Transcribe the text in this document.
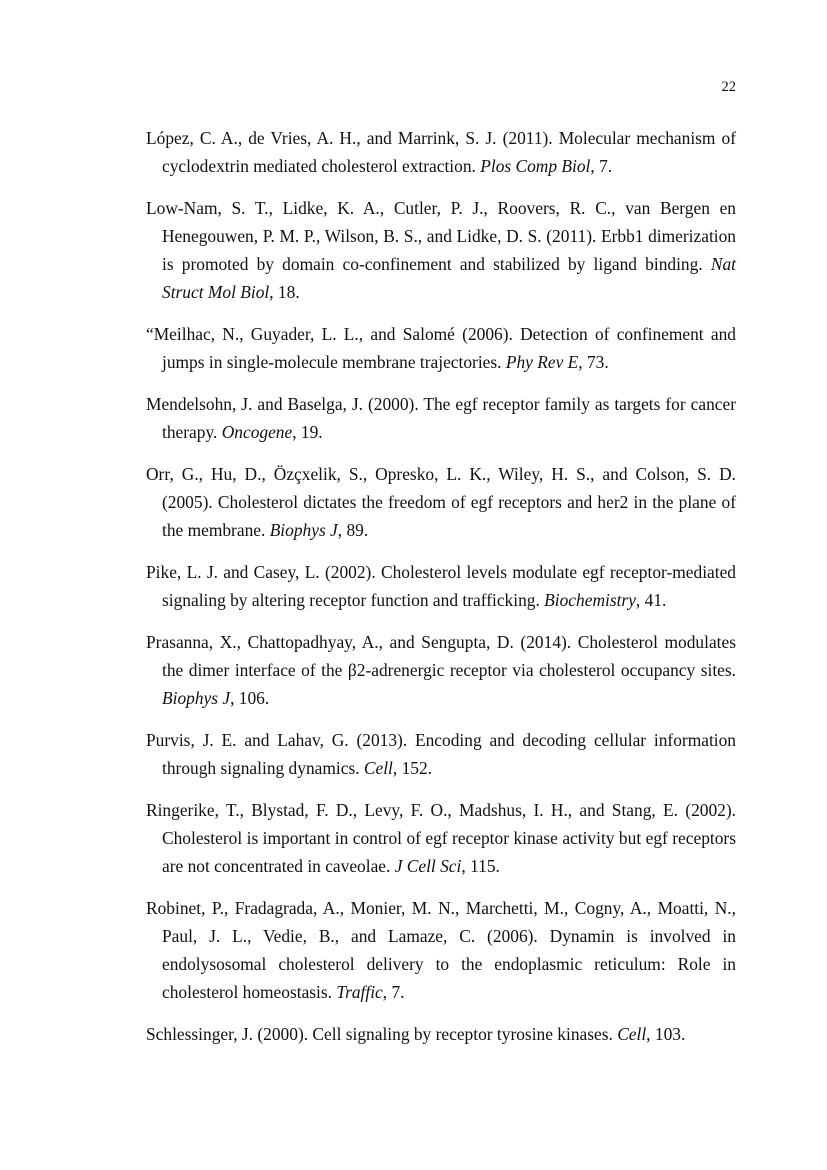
22
López, C. A., de Vries, A. H., and Marrink, S. J. (2011). Molecular mechanism of cyclodextrin mediated cholesterol extraction. Plos Comp Biol, 7.
Low-Nam, S. T., Lidke, K. A., Cutler, P. J., Roovers, R. C., van Bergen en Henegouwen, P. M. P., Wilson, B. S., and Lidke, D. S. (2011). Erbb1 dimerization is promoted by domain co-confinement and stabilized by ligand binding. Nat Struct Mol Biol, 18.
“Meilhac, N., Guyader, L. L., and Salomé (2006). Detection of confinement and jumps in single-molecule membrane trajectories. Phy Rev E, 73.
Mendelsohn, J. and Baselga, J. (2000). The egf receptor family as targets for cancer therapy. Oncogene, 19.
Orr, G., Hu, D., Özçxelik, S., Opresko, L. K., Wiley, H. S., and Colson, S. D. (2005). Cholesterol dictates the freedom of egf receptors and her2 in the plane of the membrane. Biophys J, 89.
Pike, L. J. and Casey, L. (2002). Cholesterol levels modulate egf receptor-mediated signaling by altering receptor function and trafficking. Biochemistry, 41.
Prasanna, X., Chattopadhyay, A., and Sengupta, D. (2014). Cholesterol modulates the dimer interface of the β2-adrenergic receptor via cholesterol occupancy sites. Biophys J, 106.
Purvis, J. E. and Lahav, G. (2013). Encoding and decoding cellular information through signaling dynamics. Cell, 152.
Ringerike, T., Blystad, F. D., Levy, F. O., Madshus, I. H., and Stang, E. (2002). Cholesterol is important in control of egf receptor kinase activity but egf receptors are not concentrated in caveolae. J Cell Sci, 115.
Robinet, P., Fradagrada, A., Monier, M. N., Marchetti, M., Cogny, A., Moatti, N., Paul, J. L., Vedie, B., and Lamaze, C. (2006). Dynamin is involved in endolysosomal cholesterol delivery to the endoplasmic reticulum: Role in cholesterol homeostasis. Traffic, 7.
Schlessinger, J. (2000). Cell signaling by receptor tyrosine kinases. Cell, 103.
